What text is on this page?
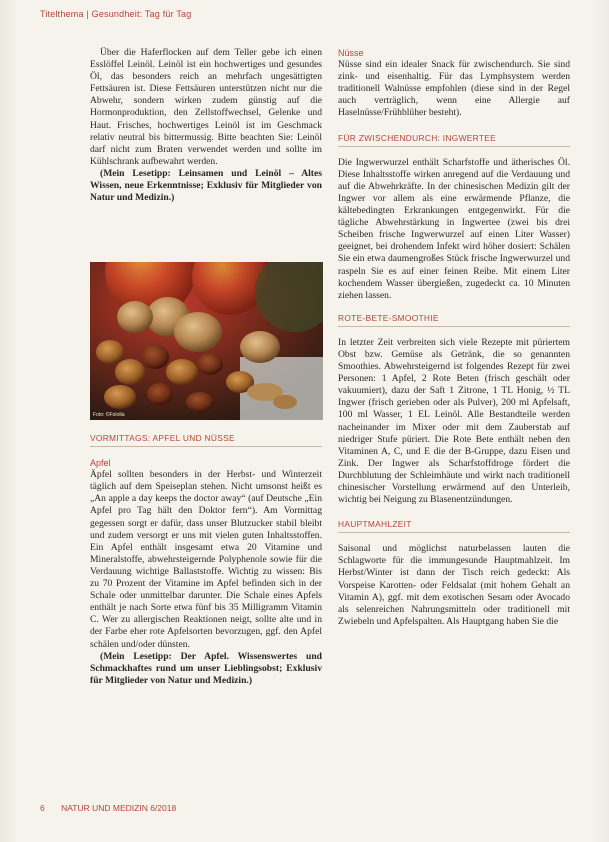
Titelthema | Gesundheit: Tag für Tag

Über die Haferflocken auf dem Teller gebe ich einen Esslöffel Leinöl. Leinöl ist ein hochwertiges und gesundes Öl, das besonders reich an mehrfach ungesättigten Fettsäuren ist. Diese Fettsäuren unterstützen nicht nur die Abwehr, sondern wirken zudem günstig auf die Hormonproduktion, den Zellstoffwechsel, Gelenke und Haut. Frisches, hochwertiges Leinöl ist im Geschmack relativ neutral bis bittermussig. Bitte beachten Sie: Leinöl darf nicht zum Braten verwendet werden und sollte im Kühlschrank aufbewahrt werden.

(Mein Lesetipp: Leinsamen und Leinöl – Altes Wissen, neue Erkenntnisse; Exklusiv für Mitglieder von Natur und Medizin.)

Foto: ©Fotolia

VORMITTAGS: APFEL UND NÜSSE

Apfel

Äpfel sollten besonders in der Herbst- und Winterzeit täglich auf dem Speiseplan stehen. Nicht umsonst heißt es „An apple a day keeps the doctor away“ (auf Deutsche „Ein Apfel pro Tag hält den Doktor fern“). Am Vormittag gegessen sorgt er dafür, dass unser Blutzucker stabil bleibt und zudem versorgt er uns mit vielen guten Inhaltsstoffen. Ein Apfel enthält insgesamt etwa 20 Vitamine und Mineralstoffe, abwehrsteigernde Polyphenole sowie für die Verdauung wichtige Ballaststoffe. Wichtig zu wissen: Bis zu 70 Prozent der Vitamine im Apfel befinden sich in der Schale oder unmittelbar darunter. Die Schale eines Apfels enthält je nach Sorte etwa fünf bis 35 Milligramm Vitamin C. Wer zu allergischen Reaktionen neigt, sollte alte und in der Farbe eher rote Apfelsorten bevorzugen, ggf. den Apfel schälen und/oder dünsten.

(Mein Lesetipp: Der Apfel. Wissenswertes und Schmackhaftes rund um unser Lieblingsobst; Exklusiv für Mitglieder von Natur und Medizin.)

Nüsse

Nüsse sind ein idealer Snack für zwischendurch. Sie sind zink- und eisenhaltig. Für das Lymphsystem werden traditionell Walnüsse empfohlen (diese sind in der Regel auch verträglich, wenn eine Allergie auf Haselnüsse/Frühblüher besteht).

FÜR ZWISCHENDURCH: INGWERTEE

Die Ingwerwurzel enthält Scharfstoffe und ätherisches Öl. Diese Inhaltsstoffe wirken anregend auf die Verdauung und auf die Abwehrkräfte. In der chinesischen Medizin gilt der Ingwer vor allem als eine erwärmende Pflanze, die kältebedingten Erkrankungen entgegenwirkt. Für die tägliche Abwehrstärkung in Ingwertee (zwei bis drei Scheiben frische Ingwerwurzel auf einen Liter Wasser) geeignet, bei drohendem Infekt wird höher dosiert: Schälen Sie ein etwa daumengroßes Stück frische Ingwerwurzel und raspeln Sie es auf einer feinen Reibe. Mit einem Liter kochendem Wasser übergießen, zugedeckt ca. 10 Minuten ziehen lassen.

ROTE-BETE-SMOOTHIE

In letzter Zeit verbreiten sich viele Rezepte mit püriertem Obst bzw. Gemüse als Getränk, die so genannten Smoothies. Abwehrsteigernd ist folgendes Rezept für zwei Personen: 1 Apfel, 2 Rote Beten (frisch geschält oder vakuumiert), dazu der Saft 1 Zitrone, 1 TL Honig, ½ TL Ingwer (frisch gerieben oder als Pulver), 200 ml Apfelsaft, 100 ml Wasser, 1 EL Leinöl. Alle Bestandteile werden nacheinander im Mixer oder mit dem Zauberstab auf niedriger Stufe püriert. Die Rote Bete enthält neben den Vitaminen A, C, und E die der B-Gruppe, dazu Eisen und Zink. Der Ingwer als Scharfstoffdroge fördert die Durchblutung der Schleimhäute und wirkt nach traditionell chinesischer Vorstellung erwärmend auf den Unterleib, wichtig bei Neigung zu Blasenentzündungen.

HAUPTMAHLZEIT

Saisonal und möglichst naturbelassen lauten die Schlagworte für die immungesunde Hauptmahlzeit. Im Herbst/Winter ist dann der Tisch reich gedeckt: Als Vorspeise Karotten- oder Feldsalat (mit hohem Gehalt an Vitamin A), ggf. mit dem exotischen Sesam oder Avocado als selenreichen Nahrungsmitteln oder traditionell mit Zwiebeln und Apfelspalten. Als Hauptgang haben Sie die

6 NATUR UND MEDIZIN 6/2018
